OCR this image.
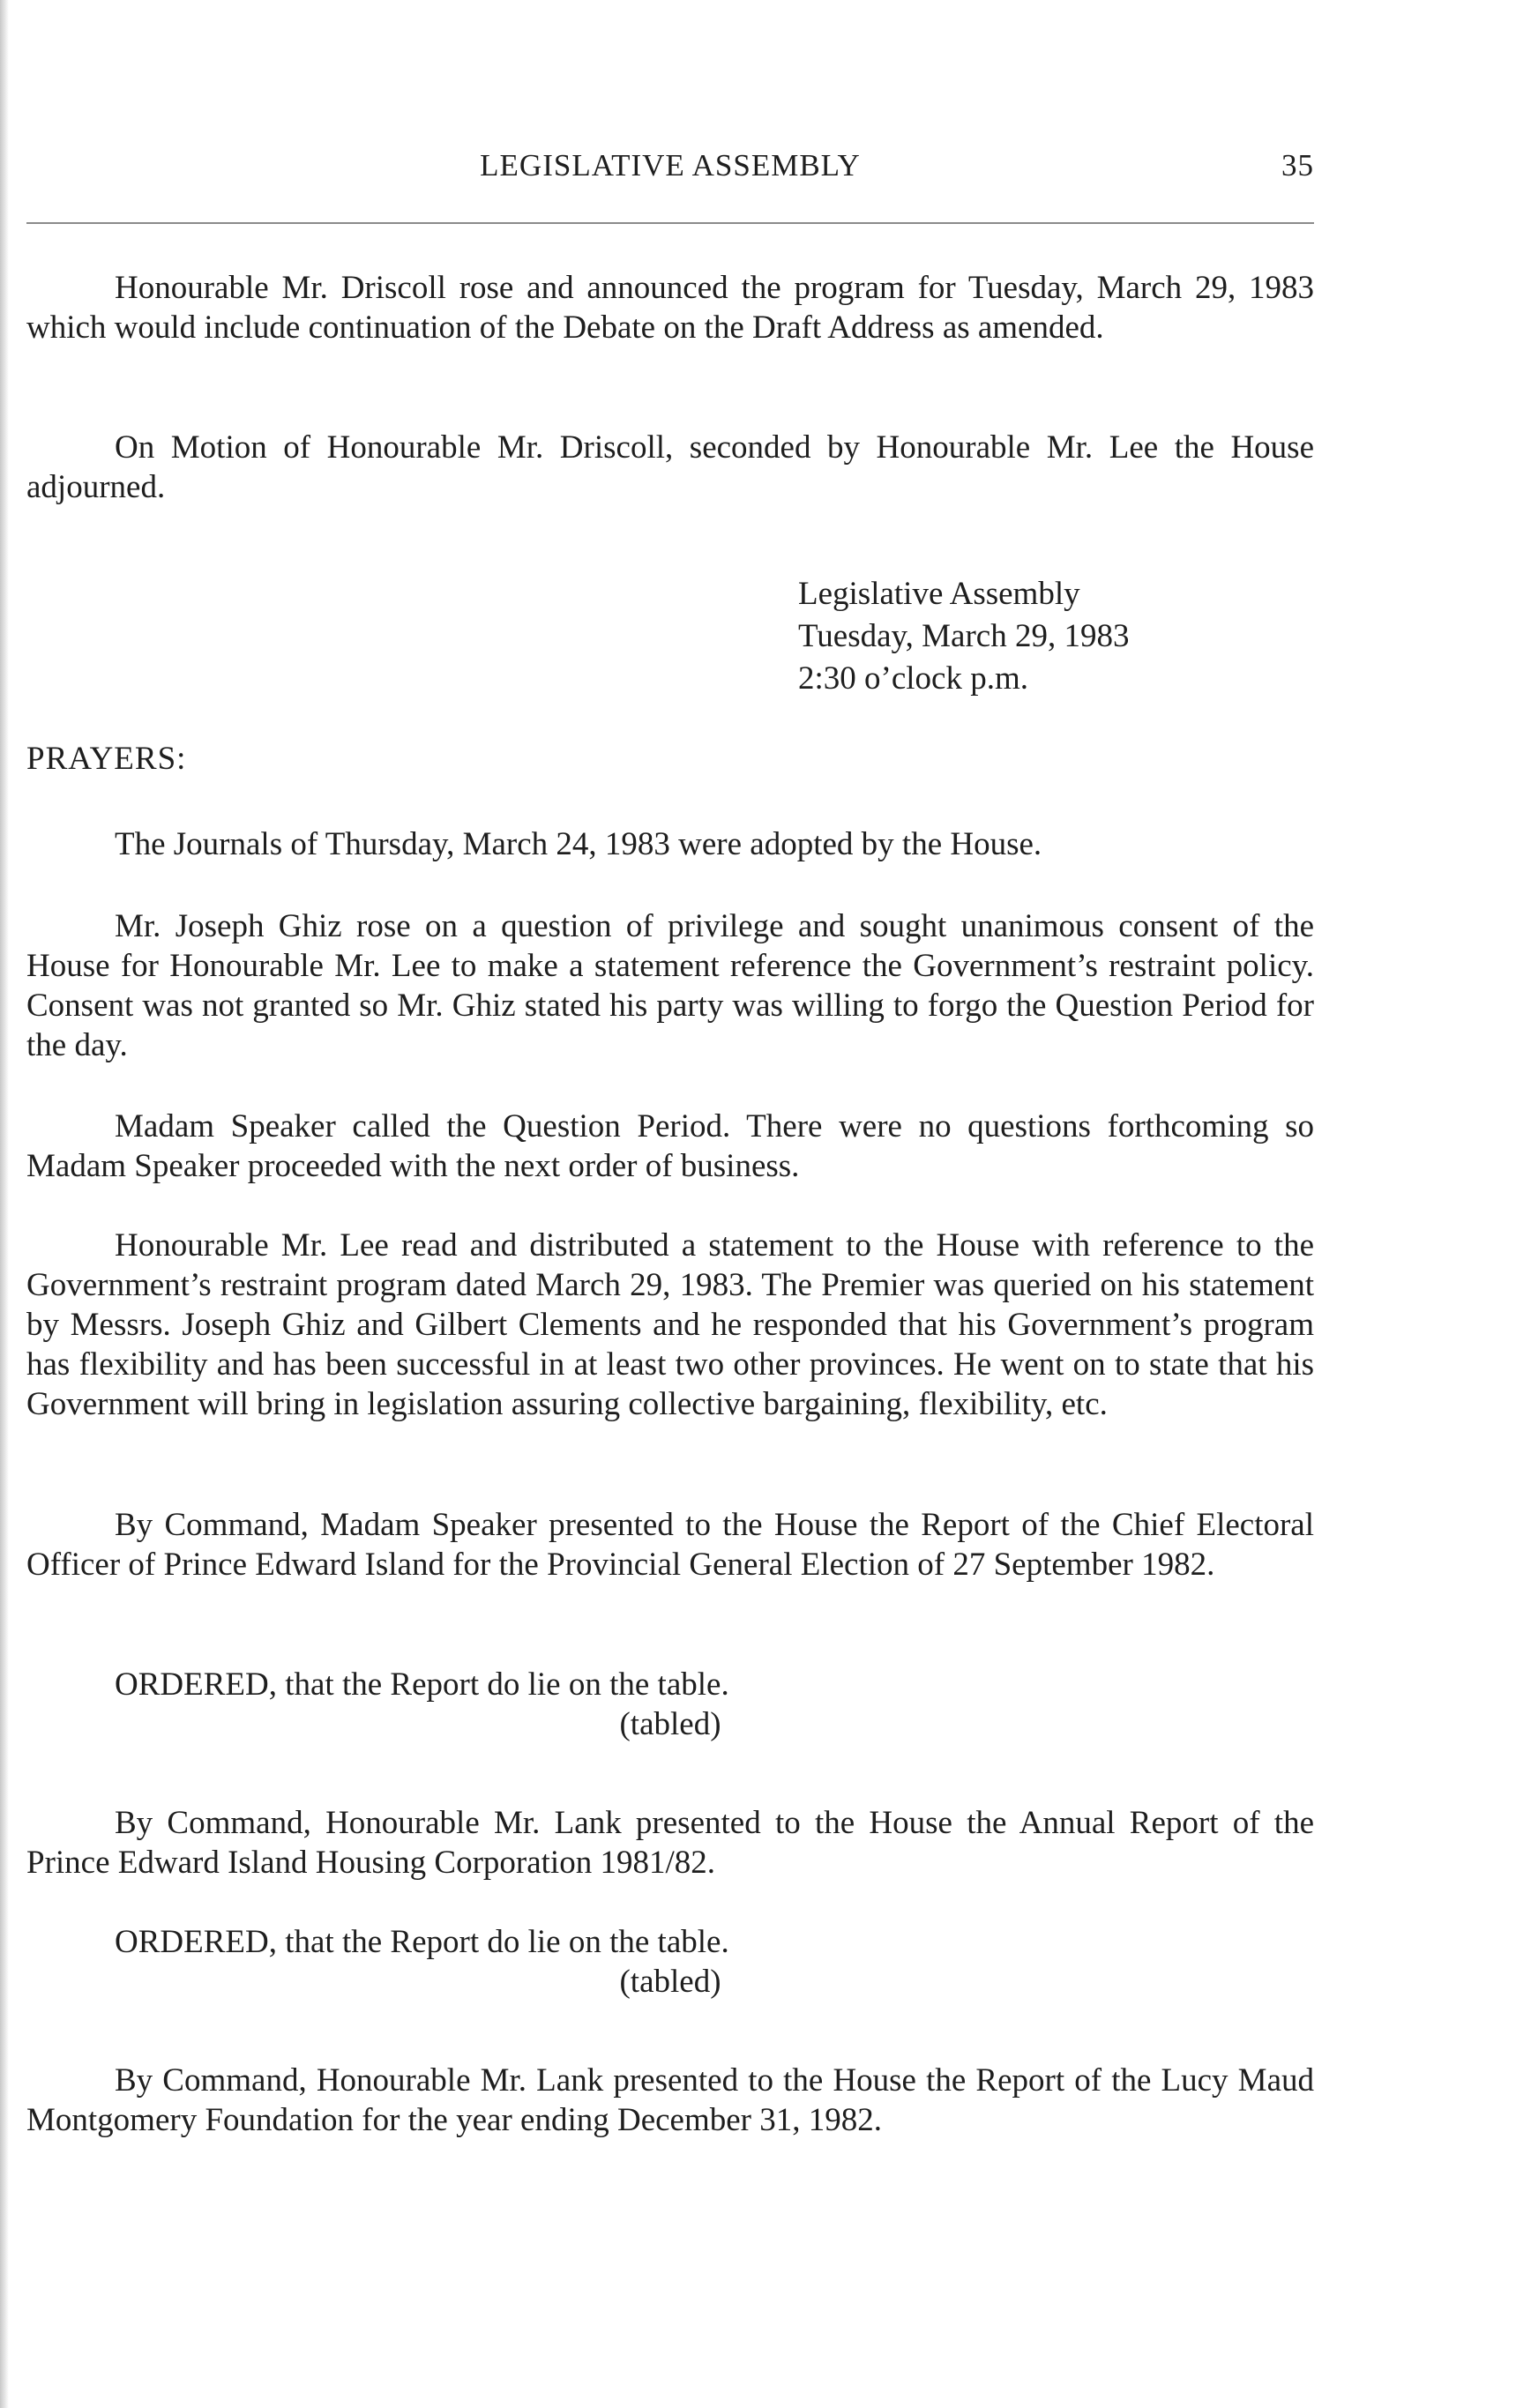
LEGISLATIVE ASSEMBLY	35

Honourable Mr. Driscoll rose and announced the program for Tuesday, March 29, 1983 which would include continuation of the Debate on the Draft Address as amended.

On Motion of Honourable Mr. Driscoll, seconded by Honourable Mr. Lee the House adjourned.

Legislative Assembly
Tuesday, March 29, 1983
2:30 o’clock p.m.
PRAYERS:

The Journals of Thursday, March 24, 1983 were adopted by the House.

Mr. Joseph Ghiz rose on a question of privilege and sought unanimous consent of the House for Honourable Mr. Lee to make a statement reference the Government’s restraint policy. Consent was not granted so Mr. Ghiz stated his party was willing to forgo the Question Period for the day.

Madam Speaker called the Question Period. There were no questions forthcoming so Madam Speaker proceeded with the next order of business.

Honourable Mr. Lee read and distributed a statement to the House with reference to the Government’s restraint program dated March 29, 1983. The Premier was queried on his statement by Messrs. Joseph Ghiz and Gilbert Clements and he responded that his Government’s program has flexibility and has been successful in at least two other provinces. He went on to state that his Government will bring in legislation assuring collective bargaining, flexibility, etc.

By Command, Madam Speaker presented to the House the Report of the Chief Electoral Officer of Prince Edward Island for the Provincial General Election of 27 September 1982.

ORDERED, that the Report do lie on the table.

(tabled)

By Command, Honourable Mr. Lank presented to the House the Annual Report of the Prince Edward Island Housing Corporation 1981/82.

ORDERED, that the Report do lie on the table.

(tabled)

By Command, Honourable Mr. Lank presented to the House the Report of the Lucy Maud Montgomery Foundation for the year ending December 31, 1982.
